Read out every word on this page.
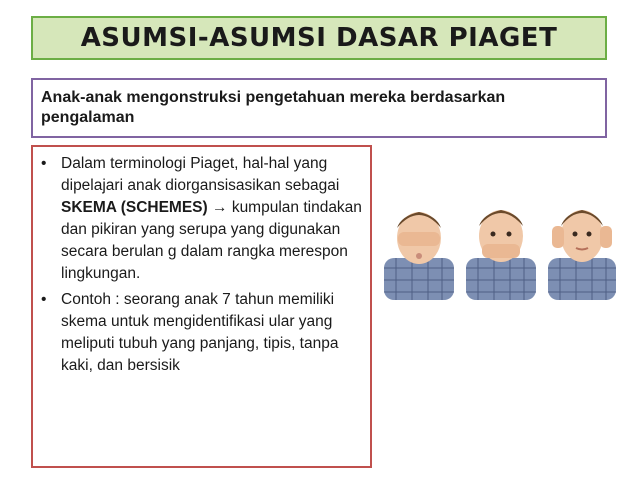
ASUMSI-ASUMSI DASAR PIAGET
Anak-anak mengonstruksi pengetahuan mereka berdasarkan pengalaman
• Dalam terminologi Piaget, hal-hal yang dipelajari anak diorgansisasikan sebagai SKEMA (SCHEMES) → kumpulan tindakan dan pikiran yang serupa yang digunakan secara berulan g dalam rangka merespon lingkungan.
• Contoh : seorang anak 7 tahun memiliki skema untuk mengidentifikasi ular yang meliputi tubuh yang panjang, tipis, tanpa kaki, dan bersisik
